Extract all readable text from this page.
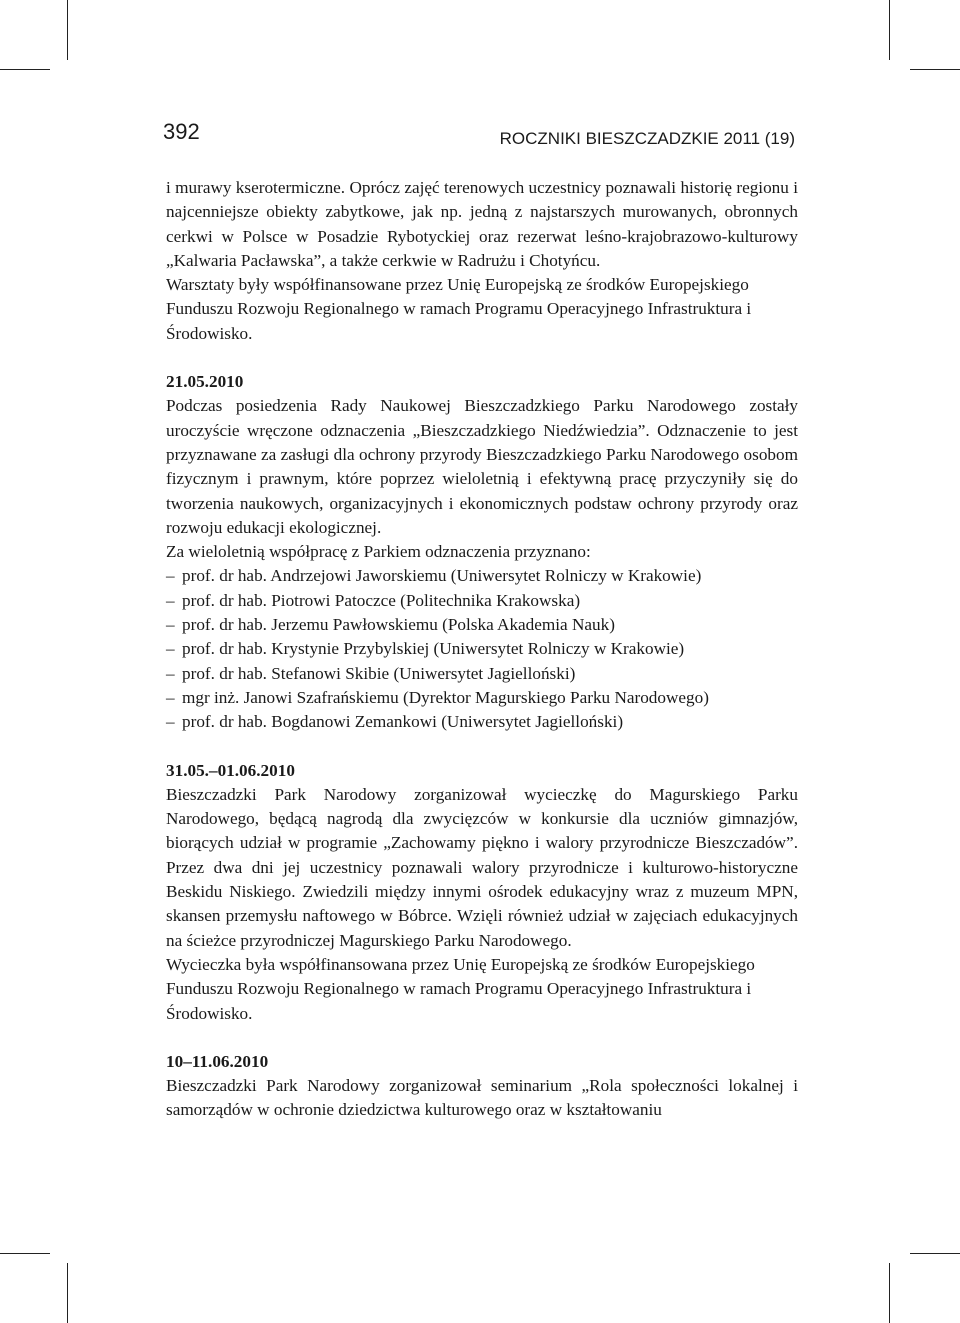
392	ROCZNIKI BIESZCZADZKIE 2011 (19)

i murawy kserotermiczne. Oprócz zajęć terenowych uczestnicy poznawali historię regionu i najcenniejsze obiekty zabytkowe, jak np. jedną z najstarszych murowanych, obronnych cerkwi w Polsce w Posadzie Rybotyckiej oraz rezerwat leśno-krajobrazowo-kulturowy „Kalwaria Pacławska”, a także cerkwie w Radrużu i Chotyńcu.

Warsztaty były współfinansowane przez Unię Europejską ze środków Europejskiego Funduszu Rozwoju Regionalnego w ramach Programu Operacyjnego Infrastruktura i Środowisko.

21.05.2010

Podczas posiedzenia Rady Naukowej Bieszczadzkiego Parku Narodowego zostały uroczyście wręczone odznaczenia „Bieszczadzkiego Niedźwiedzia”. Odznaczenie to jest przyznawane za zasługi dla ochrony przyrody Bieszczadzkiego Parku Narodowego osobom fizycznym i prawnym, które poprzez wieloletnią i efektywną pracę przyczyniły się do tworzenia naukowych, organizacyjnych i ekonomicznych podstaw ochrony przyrody oraz rozwoju edukacji ekologicznej.

Za wieloletnią współpracę z Parkiem odznaczenia przyznano:

– prof. dr hab. Andrzejowi Jaworskiemu (Uniwersytet Rolniczy w Krakowie)
– prof. dr hab. Piotrowi Patoczce (Politechnika Krakowska)
– prof. dr hab. Jerzemu Pawłowskiemu (Polska Akademia Nauk)
– prof. dr hab. Krystynie Przybylskiej (Uniwersytet Rolniczy w Krakowie)
– prof. dr hab. Stefanowi Skibie (Uniwersytet Jagielloński)
– mgr inż. Janowi Szafrańskiemu (Dyrektor Magurskiego Parku Narodowego)
– prof. dr hab. Bogdanowi Zemankowi (Uniwersytet Jagielloński)
31.05.–01.06.2010

Bieszczadzki Park Narodowy zorganizował wycieczkę do Magurskiego Parku Narodowego, będącą nagrodą dla zwycięzców w konkursie dla uczniów gimnazjów, biorących udział w programie „Zachowamy piękno i walory przyrodnicze Bieszczadów”. Przez dwa dni jej uczestnicy poznawali walory przyrodnicze i kulturowo-historyczne Beskidu Niskiego. Zwiedzili między innymi ośrodek edukacyjny wraz z muzeum MPN, skansen przemysłu naftowego w Bóbrce. Wzięli również udział w zajęciach edukacyjnych na ścieżce przyrodniczej Magurskiego Parku Narodowego.

Wycieczka była współfinansowana przez Unię Europejską ze środków Europejskiego Funduszu Rozwoju Regionalnego w ramach Programu Operacyjnego Infrastruktura i Środowisko.

10–11.06.2010

Bieszczadzki Park Narodowy zorganizował seminarium „Rola społeczności lokalnej i samorządów w ochronie dziedzictwa kulturowego oraz w kształtowaniu
